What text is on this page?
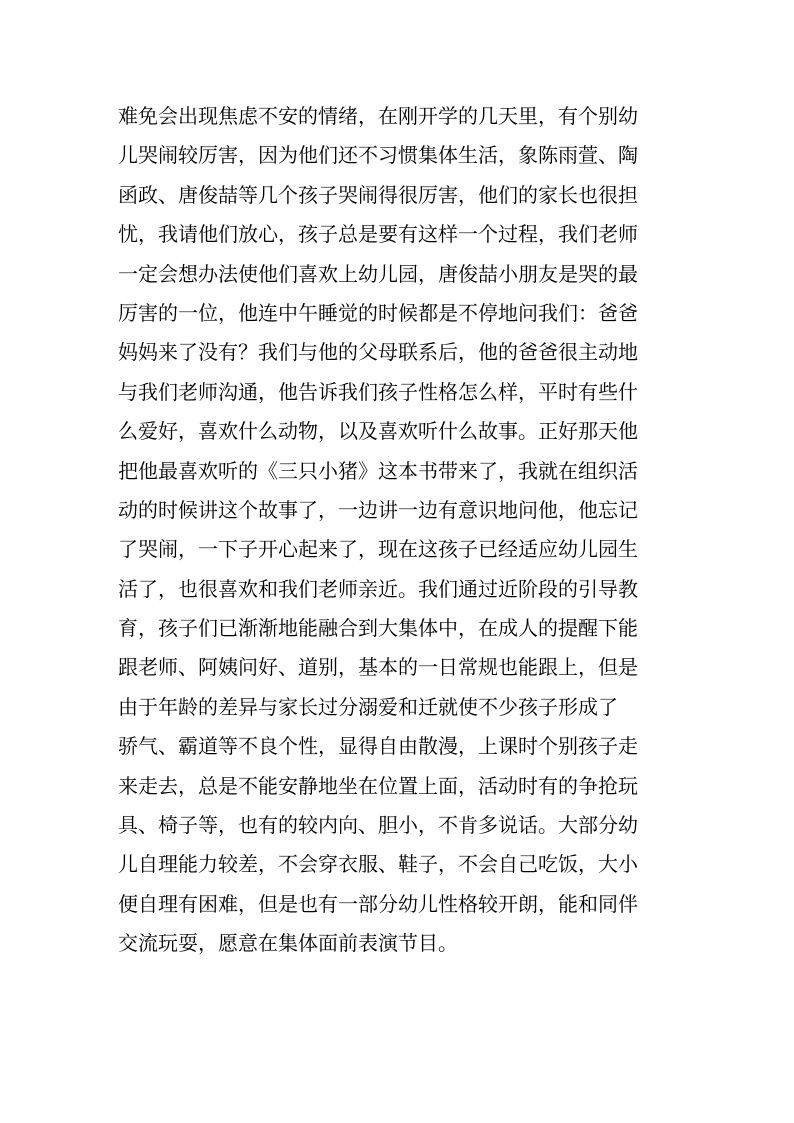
难免会出现焦虑不安的情绪，在刚开学的几天里，有个别幼
儿哭闹较厉害，因为他们还不习惯集体生活，象陈雨萱、陶
函政、唐俊喆等几个孩子哭闹得很厉害，他们的家长也很担
忧，我请他们放心，孩子总是要有这样一个过程，我们老师
一定会想办法使他们喜欢上幼儿园，唐俊喆小朋友是哭的最
厉害的一位，他连中午睡觉的时候都是不停地问我们：爸爸
妈妈来了没有？我们与他的父母联系后，他的爸爸很主动地
与我们老师沟通，他告诉我们孩子性格怎么样，平时有些什
么爱好，喜欢什么动物，以及喜欢听什么故事。正好那天他
把他最喜欢听的《三只小猪》这本书带来了，我就在组织活
动的时候讲这个故事了，一边讲一边有意识地问他，他忘记
了哭闹，一下子开心起来了，现在这孩子已经适应幼儿园生
活了，也很喜欢和我们老师亲近。我们通过近阶段的引导教
育，孩子们已渐渐地能融合到大集体中，在成人的提醒下能
跟老师、阿姨问好、道别，基本的一日常规也能跟上，但是
由于年龄的差异与家长过分溺爱和迁就使不少孩子形成了
骄气、霸道等不良个性，显得自由散漫，上课时个别孩子走
来走去，总是不能安静地坐在位置上面，活动时有的争抢玩
具、椅子等，也有的较内向、胆小，不肯多说话。大部分幼
儿自理能力较差，不会穿衣服、鞋子，不会自己吃饭，大小
便自理有困难，但是也有一部分幼儿性格较开朗，能和同伴
交流玩耍，愿意在集体面前表演节目。
